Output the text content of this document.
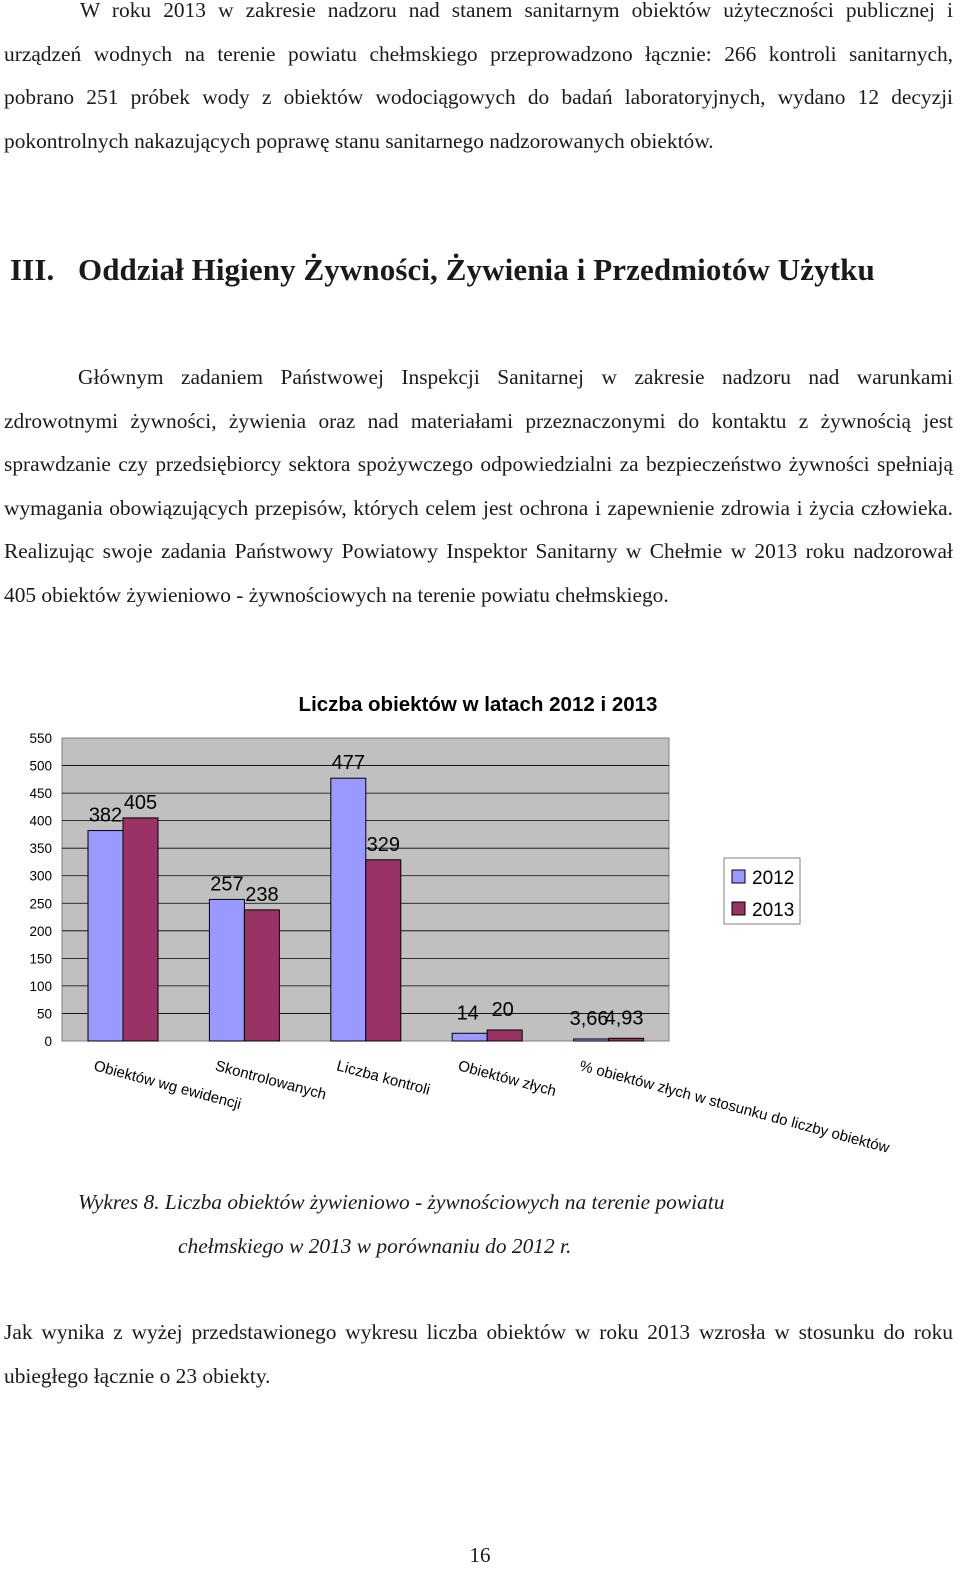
W roku 2013 w zakresie nadzoru nad stanem sanitarnym obiektów użyteczności publicznej i urządzeń wodnych na terenie powiatu chełmskiego przeprowadzono łącznie: 266 kontroli sanitarnych, pobrano 251 próbek wody z obiektów wodociągowych do badań laboratoryjnych, wydano 12 decyzji pokontrolnych nakazujących poprawę stanu sanitarnego nadzorowanych obiektów.

III. Oddział Higieny Żywności, Żywienia i Przedmiotów Użytku

Głównym zadaniem Państwowej Inspekcji Sanitarnej w zakresie nadzoru nad warunkami zdrowotnymi żywności, żywienia oraz nad materiałami przeznaczonymi do kontaktu z żywnością jest sprawdzanie czy przedsiębiorcy sektora spożywczego odpowiedzialni za bezpieczeństwo żywności spełniają wymagania obowiązujących przepisów, których celem jest ochrona i zapewnienie zdrowia i życia człowieka. Realizując swoje zadania Państwowy Powiatowy Inspektor Sanitarny w Chełmie w 2013 roku nadzorował 405 obiektów żywieniowo - żywnościowych na terenie powiatu chełmskiego.

Liczba obiektów w latach 2012 i 2013
0
50
100
150
200
250
300
350
400
450
500
550
382
405
257 238
477
329
14 20	3,66
4,93
Obiektów wg ewidencji
Skontrolowanych Liczba kontroli Obiektów złych % obiektów złych w stosunku do liczby obiektów
2012
2013

Wykres 8. Liczba obiektów żywieniowo - żywnościowych na terenie powiatu
chełmskiego w 2013 w porównaniu do 2012 r.

Jak wynika z wyżej przedstawionego wykresu liczba obiektów w roku 2013 wzrosła w stosunku do roku ubiegłego łącznie o 23 obiekty.

16
